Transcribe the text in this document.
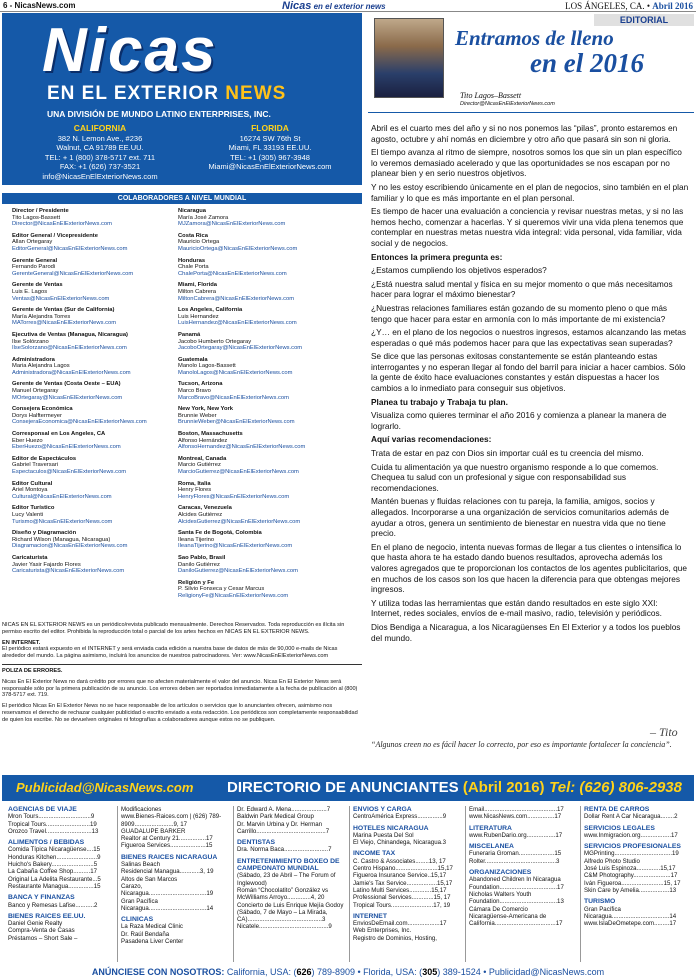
6 - NicasNews.com	Nicas en el exterior news	LOS ÁNGELES, CA. • Abril 2016
Nicas
EN EL EXTERIOR NEWS
UNA DIVISIÓN DE MUNDO LATINO ENTERPRISES, INC.
CALIFORNIA
382 N. Lemon Ave., #236
Walnut, CA 91789 EE.UU.
TEL: + 1 (800) 378-5717 ext. 711
FAX: +1 (626) 737-3521
info@NicasEnElExteriorNews.com
FLORIDA
16274 SW 76th St
Miami, FL 33193 EE.UU.
TEL: +1 (305) 967-3948
Miami@NicasEnElExteriorNews.com
COLABORADORES A NIVEL MUNDIAL
Director / Presidente
Tito Lagos-Bassett
Director@NicasEnElExteriorNews.com
Editor General / Vicepresidente
Allan Ortegaray
EditorGeneral@NicasEnElExteriorNews.com
Gerente General
Fernando Parodi
GerenteGeneral@NicasEnElExteriorNews.com
Gerente de Ventas
Luis E. Lagos
Ventas@NicasEnElExteriorNews.com
Gerente de Ventas (Sur de California)
María Alejandra Torres
MATorres@NicasEnElExteriorNews.com
Ejecutiva de Ventas (Managua, Nicaragua)
Ilse Solórzano
IlseSolorzano@NicasEnElExteriorNews.com
Administradora
Maria Alejandra Lagos
Administradora@NicasEnElExteriorNews.com
Gerente de Ventas (Costa Oeste – EUA)
Manuel Ortegaray
MOrtegaray@NicasEnElExteriorNews.com
Consejera Económica
Dorys Halftermeyer
ConsejeraEconomica@NicasEnElExteriorNews.com
Corresponsal en Los Angeles, CA
Eber Huezo
EberHuezo@NicasEnElExteriorNews.com
Editor de Espectáculos
Gabriel Traversari
Espectaculos@NicasEnElExteriorNews.com
Editor Cultural
Ariel Montoya
Cultural@NicasEnElExteriorNews.com
Editor Turístico
Lucy Valenti
Turismo@NicasEnElExteriorNews.com
Diseño y Diagramación
Richard Wilson (Managua, Nicaragua)
Diagramacion@NicasEnElExteriorNews.com
Caricaturista
Javier Yasir Fajardo Flores
Caricaturista@NicasEnElExteriorNews.com
Nicaragua
María José Zamora
MJZamora@NicasEnElExteriorNews.com
Costa Rica
Mauricio Ortega
MauricioOrtega@NicasEnElExteriorNews.com
Honduras
Chale Porta
ChalePorta@NicasEnElExteriorNews.com
Miami, Florida
Milton Cabrera
MiltonCabrera@NicasEnElExteriorNews.com
Los Angeles, California
Luis Hernandez
LuisHernandez@NicasEnElExteriorNews.com
Panamá
Jacobo Humberto Ortegaray
JacoboOrtegaray@NicasEnElExteriorNews.com
Guatemala
Manolo Lagos-Bassett
ManoloLagos@NicasEnElExteriorNews.com
Tucson, Arizona
Marco Bravo
MarcoBravo@NicasEnElExteriorNews.com
New York, New York
Brunnie Weber
BrunnieWeber@NicasEnElExteriorNews.com
Boston, Massachusetts
Alfonso Hernández
AlfonsoHernandez@NicasEnElExteriorNews.com
Montreal, Canada
Marcio Gutiérrez
MarcioGutierrez@NicasEnElExteriorNews.com
Roma, Italia
Henry Flores
HenryFlores@NicasEnElExteriorNews.com
Caracas, Venezuela
Alcides Gutiérrez
AlcidesGutierrez@NicasEnElExteriorNews.com
Santa Fe de Bogotá, Colombia
Ileana Tijerino
IleanaTijerino@NicasEnElExteriorNews.com
Sao Pablo, Brasil
Danilo Gutiérrez
DaniloGutierrez@NicasEnElExteriorNews.com
Religión y Fe
P. Silvio Fonseca y Cesar Marcus
ReligionyFe@NicasEnElExteriorNews.com

NICAS EN EL EXTERIOR NEWS es un periódico/revista publicado mensualmente. Derechos Reservados. Toda reproducción es ilícita sin permiso escrito del editor. Prohibida la reproducción total o parcial de los artes hechos en NICAS EN EL EXTERIOR NEWS.

EN INTERNET.
El periódico estará expuesto en el INTERNET y será enviada cada edición a nuestra base de datos de más de 90,000 e-mails de Nicas alrededor del mundo. La página asimismo, incluirá los anuncios de nuestros patrocinadores. Ver: www.NicasEnElExteriorNews.com

POLIZA DE ERRORES.

Nicas En El Exterior News no dará crédito por errores que no afecten materialmente el valor del anuncio. Nicas En El Exterior News será responsable sólo por la primera publicación de su anuncio. Los errores deben ser reportados inmediatamente a la fecha de publicación al (800) 378-5717 ext. 719.

El periódico Nicas En El Exterior News no se hace responsable de los artículos o servicios que lo anunciantes ofrecen, asimismo nos reservamos el derecho de rechazar cualquier publicidad o escrito enviado a esta redacción. Los periódicos son completamente responsabilidad de quien los escribe. No se devuelven originales ni fotografías a colaboradores aunque estos no se publiquen.

EDITORIAL
Entramos de lleno
en el 2016
Tito Lagos–Bassett
Director@NicasEnElExteriorNews.com

Abril es el cuarto mes del año y si no nos ponemos las “pilas”, pronto estaremos en agosto, octubre y ahí nomás en diciembre y otro año que pasará sin son ni gloria.

El tiempo avanza al ritmo de siempre, nosotros somos los que sin un plan específico lo veremos demasiado acelerado y que las oportunidades se nos escapan por no planear bien y en serio nuestros objetivos.

Y no les estoy escribiendo únicamente en el plan de negocios, sino también en el plan familiar y lo que es más importante en el plan personal.

Es tiempo de hacer una evaluación a conciencia y revisar nuestras metas, y si no las hemos hecho, comenzar a hacerlas. Y si queremos vivir una vida plena tenemos que contemplar en nuestras metas nuestra vida integral: vida personal, vida familiar, vida social y de negocios.

Entonces la primera pregunta es:

¿Estamos cumpliendo los objetivos esperados?

¿Está nuestra salud mental y física en su mejor momento o que más necesitamos hacer para lograr el máximo bienestar?

¿Nuestras relaciones familiares están gozando de su momento pleno o que más tengo que hacer para estar en armonía con lo más importante de mi existencia?

¿Y… en el plano de los negocios o nuestros ingresos, estamos alcanzando las metas esperadas o qué más podemos hacer para que las expectativas sean superadas?

Se dice que las personas exitosas constantemente se están planteando estas interrogantes y no esperan llegar al fondo del barril para iniciar a hacer cambios. Sólo la gente de éxito hace evaluaciones constantes y están dispuestas a hacer los cambios a lo inmediato para conseguir sus objetivos.

Planea tu trabajo y Trabaja tu plan.

Visualiza como quieres terminar el año 2016 y comienza a planear la manera de lograrlo.

Aquí varias recomendaciones:

Trata de estar en paz con Dios sin importar cuál es tu creencia del mismo.

Cuida tu alimentación ya que nuestro organismo responde a lo que comemos. Chequea tu salud con un profesional y sigue con responsabilidad sus recomendaciones.

Mantén buenas y fluidas relaciones con tu pareja, la familia, amigos, socios y allegados. Incorporarse a una organización de servicios comunitarios además de ayudar a otros, genera un sentimiento de bienestar en nuestra vida que no tiene precio.

En el plano de negocio, intenta nuevas formas de llegar a tus clientes o intensifica lo que hasta ahora te ha estado dando buenos resultados, aprovecha además los valores agregados que te proporcionan los contactos de los agentes publicitarios, que en muchos de los casos son los que hacen la diferencia para que obtengas mejores ingresos.

Y utiliza todas las herramientas que están dando resultados en este siglo XXI: Internet, redes sociales, envíos de e-mail masivo, radio, televisión y periódicos.

Dios Bendiga a Nicaragua, a los Nicaragüenses En El Exterior y a todos los pueblos del mundo.

– Tito
“Algunos creen no es fácil hacer lo correcto, por eso es importante fortalecer la conciencia”.
Publicidad@NicasNews.com DIRECTORIO DE ANUNCIANTES (Abril 2016) Tel: (626) 806-2938
AGENCIAS DE VIAJE
Mron Tours...............................9
Tropical Tours..........................19
Orozco Travel...........................13
ALIMENTOS / BEBIDAS
Comida Típica Nicaragüense....15
Honduras Kitchen........................9
Huicho's Bakery.........................5
La Cabaña Coffee Shop..........17
Original La Adelita Restaurante...5
Restaurante Managua...............15
BANCA Y FINANZAS
Banco y Remesas Lafise...........2
BIENES RAICES EE.UU.
Daniel Genie Realty
Compra-Venta de Casas
Préstamos – Short Sale –
Modificaciones
www.Bienes-Raices.com | (626) 789-8909.......................9, 17
GUADALUPE BARKER
Realtor at Century 21................17
Figueroa Services.....................15
BIENES RAICES NICARAGUA
Salinas Beach
Residencial Managua............3, 19
Altos de San Marcos
Carazo,
Nicaragua..................................19
Gran Pacífica
Nicaragua..................................14
CLINICAS
La Raza Medical Clinic
Dr. Raúl Bendaña
Pasadena Liver Center
Dr. Edward A. Mena.....................7
Baldwin Park Medical Group
Dr. Marvin Urbina y Dr. Herman
Carrillo.........................................7
DENTISTAS
Dra. Norma Baca..........................7
ENTRETENIMIENTO BOXEO DE CAMPEONATO MUNDIAL
(Sábado, 23 de Abril – The Forum of Inglewood)
Román “Chocolatito” González vs McWilliams Arroyo..............4, 20
Concierto de Luis Enrique Mejía Godoy
(Sábado, 7 de Mayo – La Mirada, CA)............................................3
Nicatele.........................................9
ENVIOS Y CARGA
CentroAmérica Express...............9
HOTELES NICARAGUA
Marina Puesta Del Sol
El Viejo, Chinandega, Nicaragua.3
INCOME TAX
C. Castro & Associates........13, 17
Centro Hispano.........................15,17
Figueroa Insurance Service..15,17
Jamie's Tax Service..................15,17
Latino Multi Services.............15,17
Professional Services.............15, 17
Tropical Tours.........................17, 19
INTERNET
EnviosDeEmail.com...................17
Web Enterprises, Inc.
Registro de Dominios, Hosting,
Email...........................................17
www.NicasNews.com................17
LITERATURA
www.RubenDario.org.................17
MISCELANEA
Funeraria Groman.....................15
Rolter..........................................3
ORGANIZACIONES
Abandoned Children In Nicaragua
Foundation..................................17
Nicholas Walters Youth
Foundation..................................13
Cámara De Comercio
Nicaragüense-Americana de
California....................................17
RENTA DE CARROS
Dollar Rent A Car Nicaragua........2
SERVICIOS LEGALES
www.Inmigracion.org..................17
SERVICIOS PROFESIONALES
MGPrinting..................................19
Alfredo Photo Studio
José Luis Espinoza..............15,17
C&M Photography......................17
Iván Figueroa.........................15, 17
Skin Care by Amelia..................13
TURISMO
Gran Pacífica
Nicaragua..................................14
www.IslaDeOmetepe.com.........17
ANÚNCIESE CON NOSOTROS: California, USA: (626) 789-8909 • Florida, USA: (305) 389-1524 • Publicidad@NicasNews.com
